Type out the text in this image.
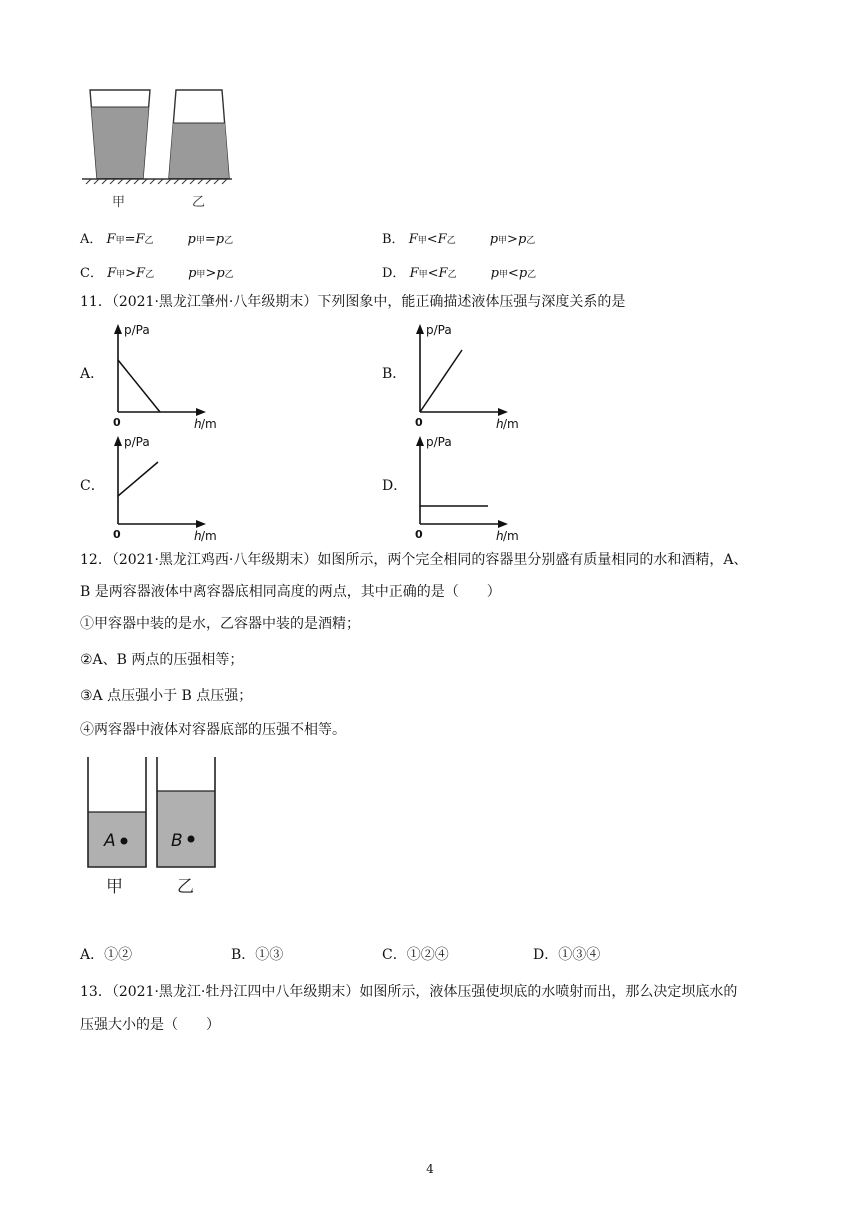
甲	乙
A． F甲=F乙	p甲=p乙	B． F甲<F乙	p甲>p乙
C． F甲>F乙	p甲>p乙	D． F甲<F乙	p甲<p乙
11．（2021·黑龙江肇州·八年级期末）下列图象中，能正确描述液体压强与深度关系的是
A．
p/Pa
0	h /m
B．
p/Pa
0	h /m
C．
p/Pa
0	h /m
D．
p/Pa
0	h /m
12．（2021·黑龙江鸡西·八年级期末）如图所示，两个完全相同的容器里分别盛有质量相同的水和酒精，A、
B 是两容器液体中离容器底相同高度的两点，其中正确的是（　　）
①甲容器中装的是水，乙容器中装的是酒精；
②A、B 两点的压强相等；
③A 点压强小于 B 点压强；
④两容器中液体对容器底部的压强不相等。
A	B
甲	乙
A．①②	B．①③	C．①②④	D．①③④
13．（2021·黑龙江·牡丹江四中八年级期末）如图所示，液体压强使坝底的水喷射而出，那么决定坝底水的
压强大小的是（　　）
4
